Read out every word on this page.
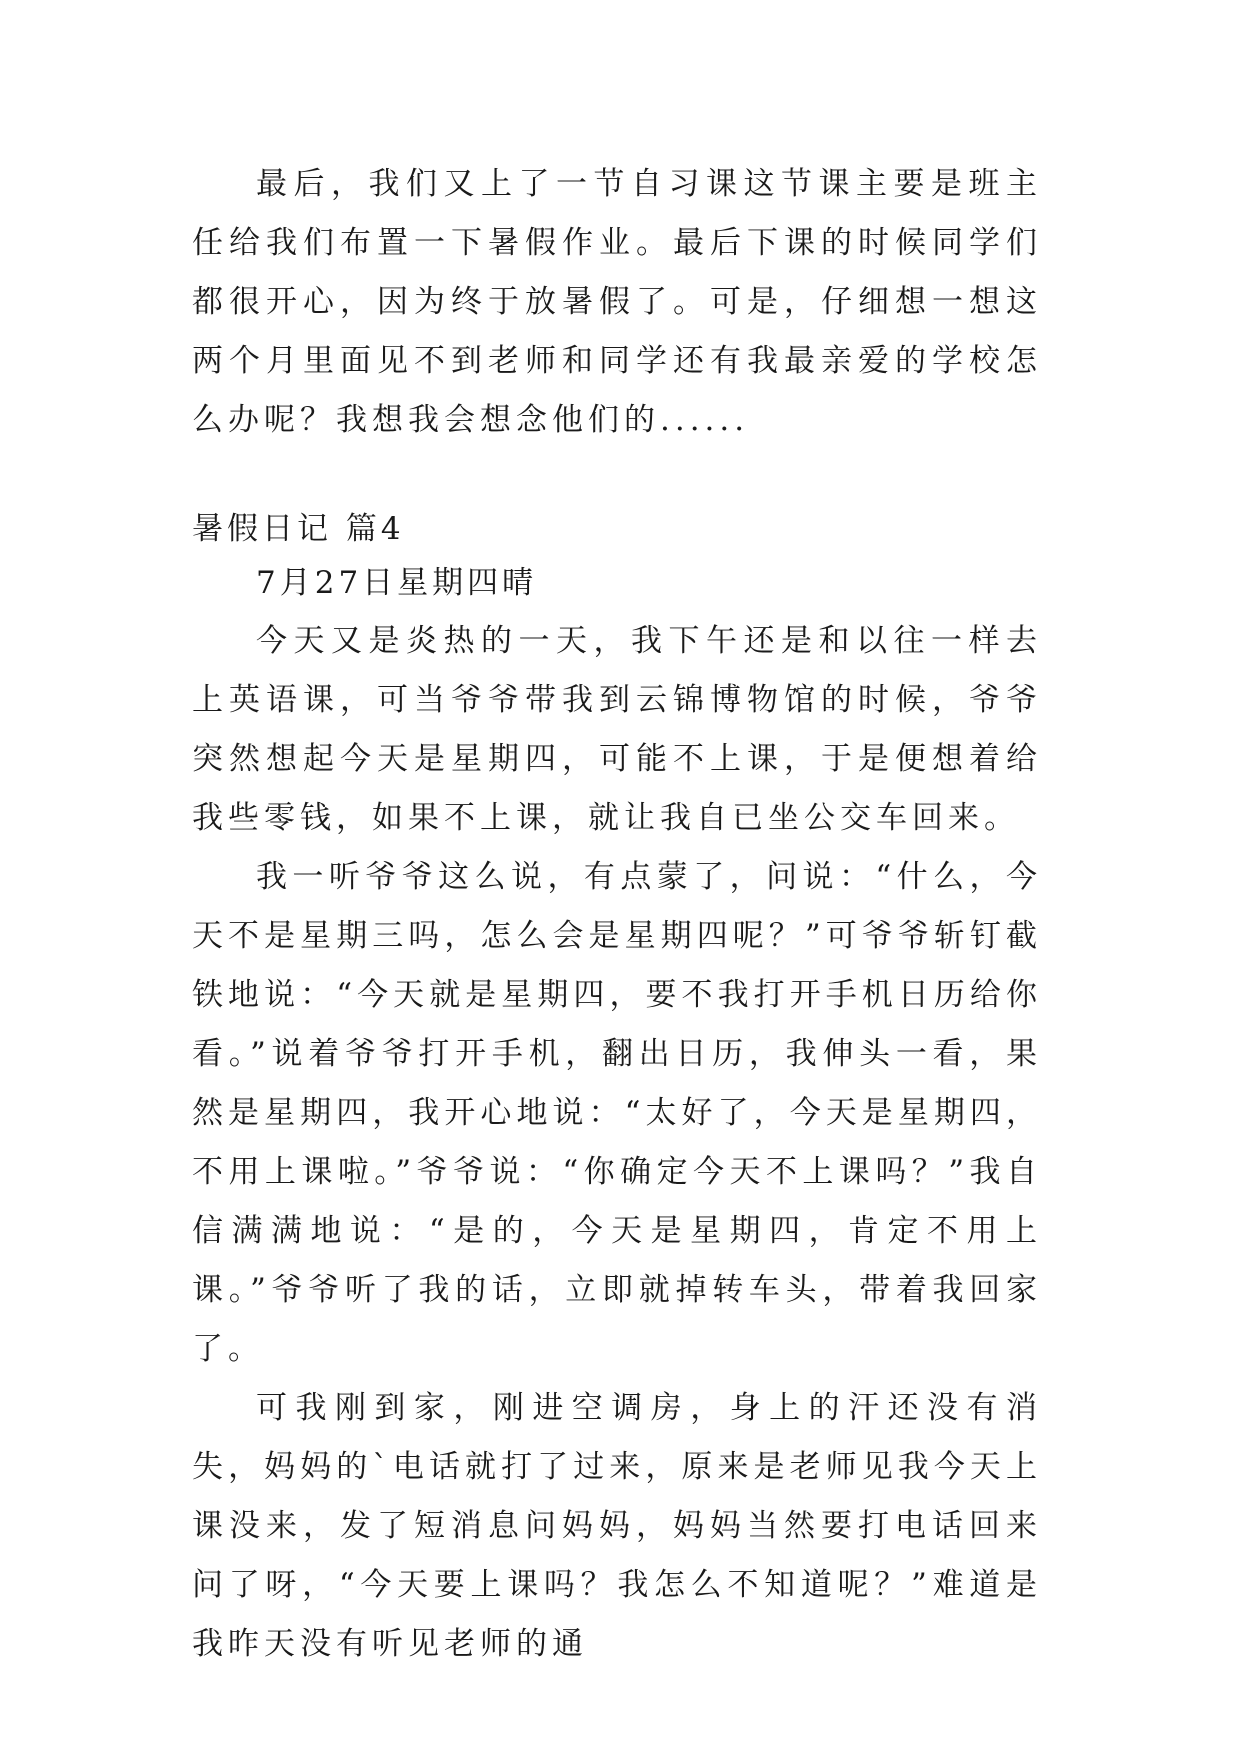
最后，我们又上了一节自习课这节课主要是班主任给我们布置一下暑假作业。最后下课的时候同学们都很开心，因为终于放暑假了。可是，仔细想一想这两个月里面见不到老师和同学还有我最亲爱的学校怎么办呢？我想我会想念他们的......

暑假日记 篇4

7月27日星期四晴

今天又是炎热的一天，我下午还是和以往一样去上英语课，可当爷爷带我到云锦博物馆的时候，爷爷突然想起今天是星期四，可能不上课，于是便想着给我些零钱，如果不上课，就让我自已坐公交车回来。

我一听爷爷这么说，有点蒙了，问说：“什么，今天不是星期三吗，怎么会是星期四呢？”可爷爷斩钉截铁地说：“今天就是星期四，要不我打开手机日历给你看。”说着爷爷打开手机，翻出日历，我伸头一看，果然是星期四，我开心地说：“太好了，今天是星期四，不用上课啦。”爷爷说：“你确定今天不上课吗？”我自信满满地说：“是的，今天是星期四，肯定不用上课。”爷爷听了我的话，立即就掉转车头，带着我回家了。

可我刚到家，刚进空调房，身上的汗还没有消失，妈妈的`电话就打了过来，原来是老师见我今天上课没来，发了短消息问妈妈，妈妈当然要打电话回来问了呀，“今天要上课吗？我怎么不知道呢？”难道是我昨天没有听见老师的通
